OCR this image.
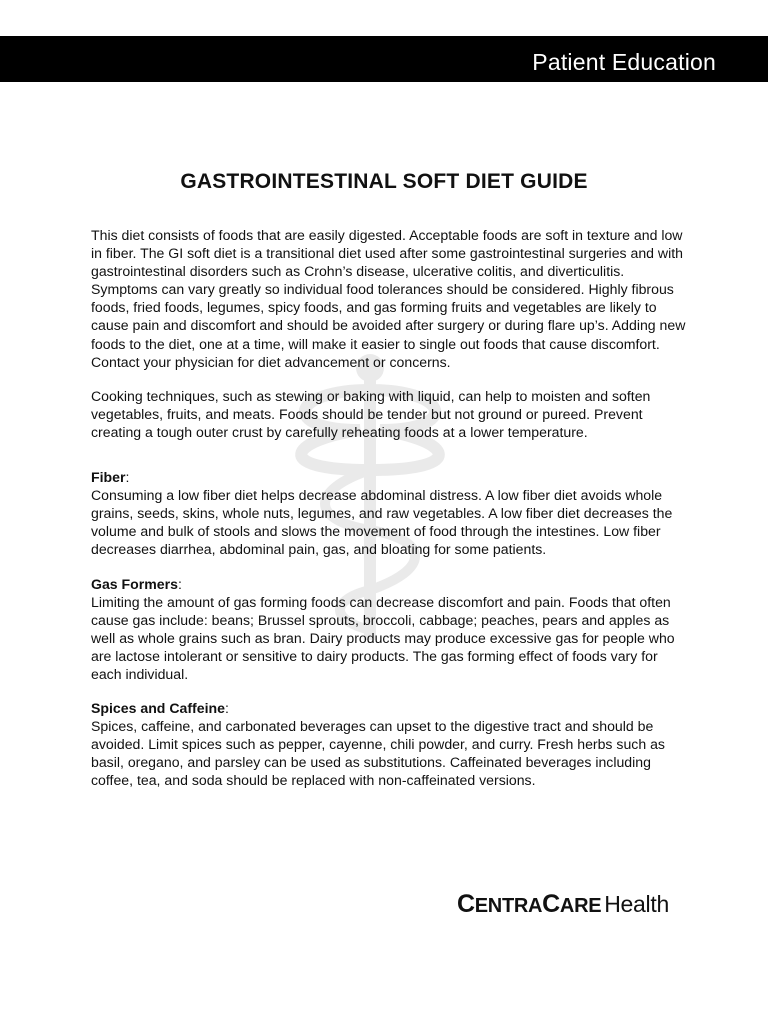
Patient Education
GASTROINTESTINAL SOFT DIET GUIDE

This diet consists of foods that are easily digested. Acceptable foods are soft in texture and low in fiber. The GI soft diet is a transitional diet used after some gastrointestinal surgeries and with gastrointestinal disorders such as Crohn’s disease, ulcerative colitis, and diverticulitis. Symptoms can vary greatly so individual food tolerances should be considered. Highly fibrous foods, fried foods, legumes, spicy foods, and gas forming fruits and vegetables are likely to cause pain and discomfort and should be avoided after surgery or during flare up’s. Adding new foods to the diet, one at a time, will make it easier to single out foods that cause discomfort. Contact your physician for diet advancement or concerns.

Cooking techniques, such as stewing or baking with liquid, can help to moisten and soften vegetables, fruits, and meats. Foods should be tender but not ground or pureed. Prevent creating a tough outer crust by carefully reheating foods at a lower temperature.

Fiber:

Consuming a low fiber diet helps decrease abdominal distress. A low fiber diet avoids whole grains, seeds, skins, whole nuts, legumes, and raw vegetables. A low fiber diet decreases the volume and bulk of stools and slows the movement of food through the intestines. Low fiber decreases diarrhea, abdominal pain, gas, and bloating for some patients.

Gas Formers:

Limiting the amount of gas forming foods can decrease discomfort and pain. Foods that often cause gas include: beans; Brussel sprouts, broccoli, cabbage; peaches, pears and apples as well as whole grains such as bran. Dairy products may produce excessive gas for people who are lactose intolerant or sensitive to dairy products. The gas forming effect of foods vary for each individual.

Spices and Caffeine:

Spices, caffeine, and carbonated beverages can upset to the digestive tract and should be avoided. Limit spices such as pepper, cayenne, chili powder, and curry. Fresh herbs such as basil, oregano, and parsley can be used as substitutions. Caffeinated beverages including coffee, tea, and soda should be replaced with non-caffeinated versions.

CENTRACARE Health
